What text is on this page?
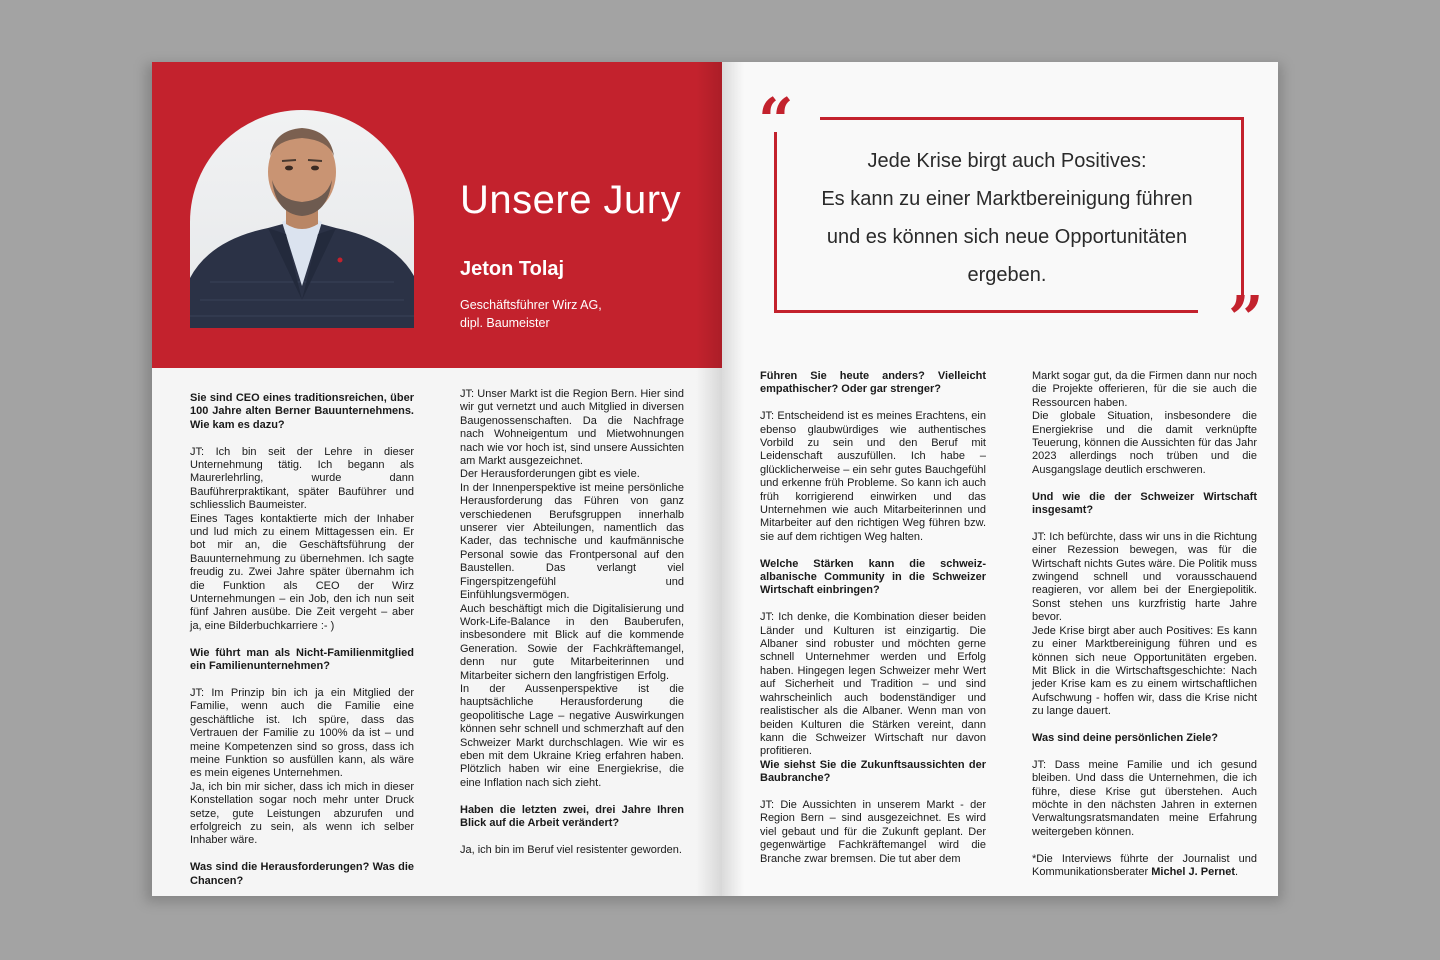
Unsere Jury
Jeton Tolaj

Geschäftsführer Wirz AG,
dipl. Baumeister

Sie sind CEO eines traditionsreichen, über 100 Jahre alten Berner Bauunternehmens. Wie kam es dazu?

JT: Ich bin seit der Lehre in dieser Unternehmung tätig. Ich begann als Maurerlehrling, wurde dann Bauführerpraktikant, später Bauführer und schliesslich Baumeister.

Eines Tages kontaktierte mich der Inhaber und lud mich zu einem Mittagessen ein. Er bot mir an, die Geschäftsführung der Bauunternehmung zu übernehmen. Ich sagte freudig zu. Zwei Jahre später übernahm ich die Funktion als CEO der Wirz Unternehmungen – ein Job, den ich nun seit fünf Jahren ausübe. Die Zeit vergeht – aber ja, eine Bilderbuchkarriere :- )

Wie führt man als Nicht-Familienmitglied ein Familienunternehmen?

JT: Im Prinzip bin ich ja ein Mitglied der Familie, wenn auch die Familie eine geschäftliche ist. Ich spüre, dass das Vertrauen der Familie zu 100% da ist – und meine Kompetenzen sind so gross, dass ich meine Funktion so ausfüllen kann, als wäre es mein eigenes Unternehmen.

Ja, ich bin mir sicher, dass ich mich in dieser Konstellation sogar noch mehr unter Druck setze, gute Leistungen abzurufen und erfolgreich zu sein, als wenn ich selber Inhaber wäre.

Was sind die Herausforderungen? Was die Chancen?

JT: Unser Markt ist die Region Bern. Hier sind wir gut vernetzt und auch Mitglied in diversen Baugenossenschaften. Da die Nachfrage nach Wohneigentum und Mietwohnungen nach wie vor hoch ist, sind unsere Aussichten am Markt ausgezeichnet.

Der Herausforderungen gibt es viele.

In der Innenperspektive ist meine persönliche Herausforderung das Führen von ganz verschiedenen Berufsgruppen innerhalb unserer vier Abteilungen, namentlich das Kader, das technische und kaufmännische Personal sowie das Frontpersonal auf den Baustellen. Das verlangt viel Fingerspitzengefühl und Einfühlungsvermögen.

Auch beschäftigt mich die Digitalisierung und Work-Life-Balance in den Bauberufen, insbesondere mit Blick auf die kommende Generation. Sowie der Fachkräftemangel, denn nur gute Mitarbeiterinnen und Mitarbeiter sichern den langfristigen Erfolg.

In der Aussenperspektive ist die hauptsächliche Herausforderung die geopolitische Lage – negative Auswirkungen können sehr schnell und schmerzhaft auf den Schweizer Markt durchschlagen. Wie wir es eben mit dem Ukraine Krieg erfahren haben. Plötzlich haben wir eine Energiekrise, die eine Inflation nach sich zieht.

Haben die letzten zwei, drei Jahre Ihren Blick auf die Arbeit verändert?

Ja, ich bin im Beruf viel resistenter geworden.

“
”

Jede Krise birgt auch Positives:
Es kann zu einer Marktbereinigung führen
und es können sich neue Opportunitäten
ergeben.

Führen Sie heute anders? Vielleicht empathischer? Oder gar strenger?

JT: Entscheidend ist es meines Erachtens, ein ebenso glaubwürdiges wie authentisches Vorbild zu sein und den Beruf mit Leidenschaft auszufüllen. Ich habe – glücklicherweise – ein sehr gutes Bauchgefühl und erkenne früh Probleme. So kann ich auch früh korrigierend einwirken und das Unternehmen wie auch Mitarbeiterinnen und Mitarbeiter auf den richtigen Weg führen bzw. sie auf dem richtigen Weg halten.

Welche Stärken kann die schweiz-albanische Community in die Schweizer Wirtschaft einbringen?

JT: Ich denke, die Kombination dieser beiden Länder und Kulturen ist einzigartig. Die Albaner sind robuster und möchten gerne schnell Unternehmer werden und Erfolg haben. Hingegen legen Schweizer mehr Wert auf Sicherheit und Tradition – und sind wahrscheinlich auch bodenständiger und realistischer als die Albaner. Wenn man von beiden Kulturen die Stärken vereint, dann kann die Schweizer Wirtschaft nur davon profitieren.

Wie siehst Sie die Zukunftsaussichten der Baubranche?

JT: Die Aussichten in unserem Markt - der Region Bern – sind ausgezeichnet. Es wird viel gebaut und für die Zukunft geplant. Der gegenwärtige Fachkräftemangel wird die Branche zwar bremsen. Die tut aber dem

Markt sogar gut, da die Firmen dann nur noch die Projekte offerieren, für die sie auch die Ressourcen haben.

Die globale Situation, insbesondere die Energiekrise und die damit verknüpfte Teuerung, können die Aussichten für das Jahr 2023 allerdings noch trüben und die Ausgangslage deutlich erschweren.

Und wie die der Schweizer Wirtschaft insgesamt?

JT: Ich befürchte, dass wir uns in die Richtung einer Rezession bewegen, was für die Wirtschaft nichts Gutes wäre. Die Politik muss zwingend schnell und vorausschauend reagieren, vor allem bei der Energiepolitik. Sonst stehen uns kurzfristig harte Jahre bevor.

Jede Krise birgt aber auch Positives: Es kann zu einer Marktbereinigung führen und es können sich neue Opportunitäten ergeben. Mit Blick in die Wirtschaftsgeschichte: Nach jeder Krise kam es zu einem wirtschaftlichen Aufschwung - hoffen wir, dass die Krise nicht zu lange dauert.

Was sind deine persönlichen Ziele?

JT: Dass meine Familie und ich gesund bleiben. Und dass die Unternehmen, die ich führe, diese Krise gut überstehen. Auch möchte in den nächsten Jahren in externen Verwaltungsratsmandaten meine Erfahrung weitergeben können.

*Die Interviews führte der Journalist und Kommunikationsberater Michel J. Pernet.
